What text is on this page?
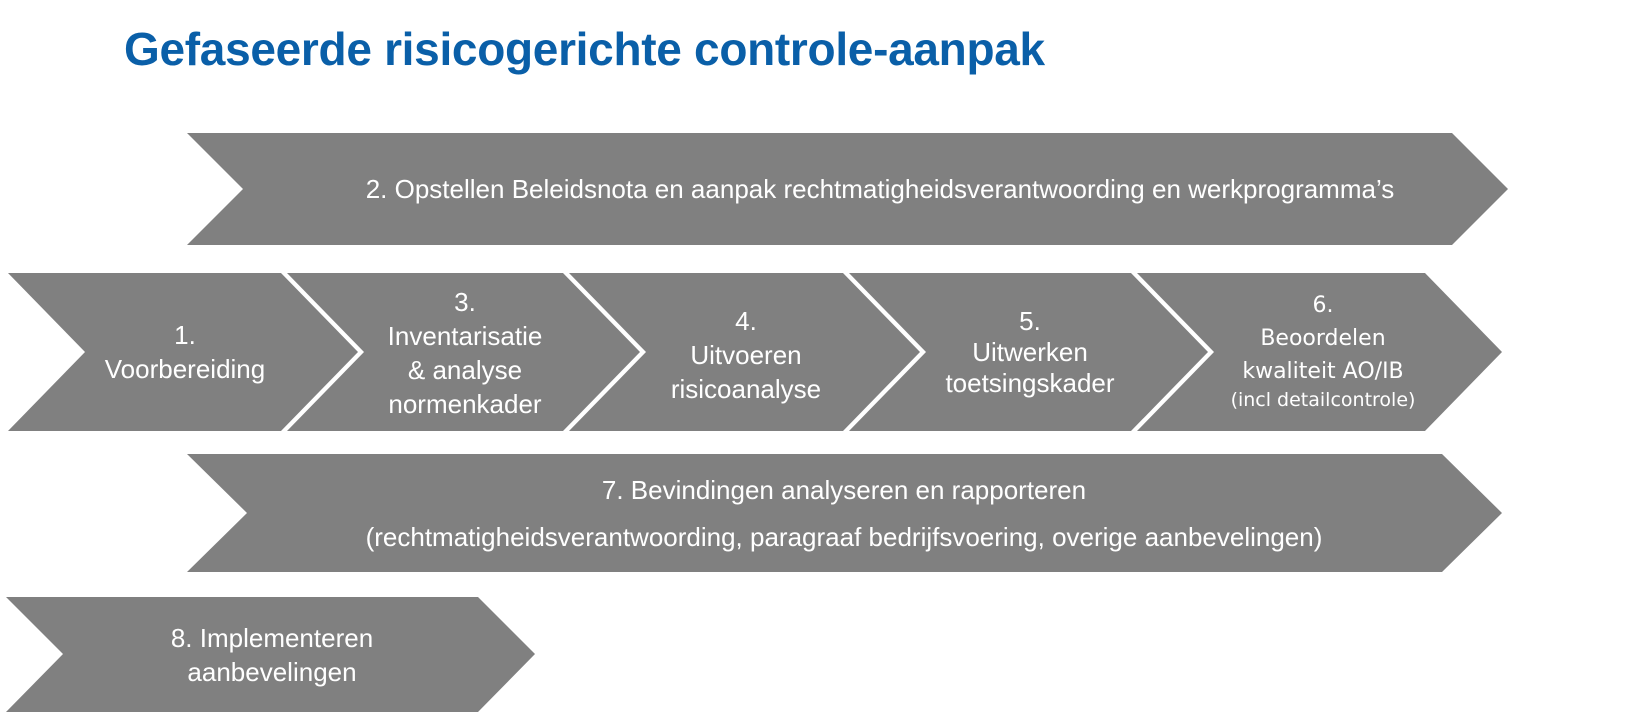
Gefaseerde risicogerichte controle-aanpak
2. Opstellen Beleidsnota en aanpak rechtmatigheidsverantwoording en werkprogramma’s
1.
Voorbereiding
3.
Inventarisatie
& analyse
normenkader
4.
Uitvoeren
risicoanalyse
5.
Uitwerken
toetsingskader
6.
Beoordelen
kwaliteit AO/IB
(incl detailcontrole)
7. Bevindingen analyseren en rapporteren
(rechtmatigheidsverantwoording, paragraaf bedrijfsvoering, overige aanbevelingen)
8. Implementeren
aanbevelingen
